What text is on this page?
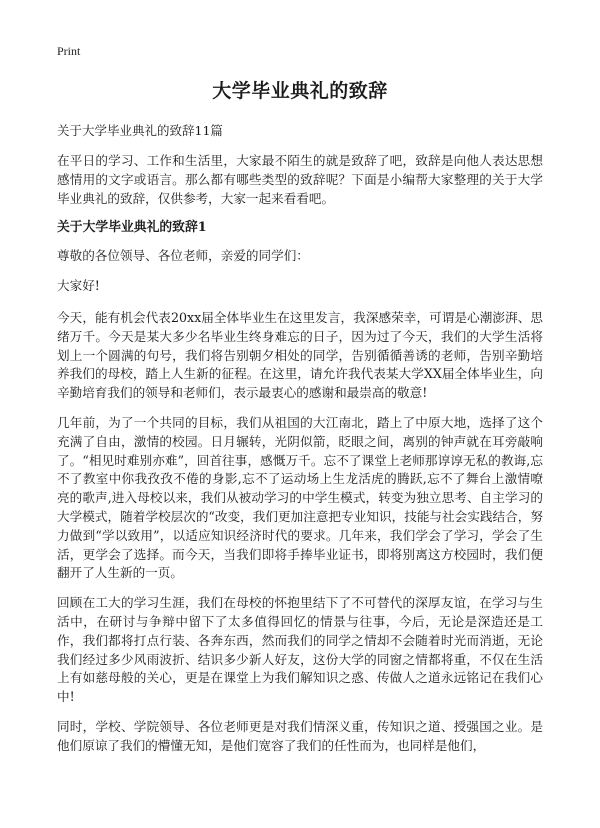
Print
大学毕业典礼的致辞
关于大学毕业典礼的致辞11篇

在平日的学习、工作和生活里，大家最不陌生的就是致辞了吧，致辞是向他人表达思想感情用的文字或语言。那么都有哪些类型的致辞呢？下面是小编帮大家整理的关于大学毕业典礼的致辞，仅供参考，大家一起来看看吧。

关于大学毕业典礼的致辞1

尊敬的各位领导、各位老师，亲爱的同学们：

大家好!

今天，能有机会代表20xx届全体毕业生在这里发言，我深感荣幸，可谓是心潮澎湃、思绪万千。今天是某大多少名毕业生终身难忘的日子，因为过了今天，我们的大学生活将划上一个圆满的句号，我们将告别朝夕相处的同学，告别循循善诱的老师，告别辛勤培养我们的母校，踏上人生新的征程。在这里，请允许我代表某大学XX届全体毕业生，向辛勤培育我们的领导和老师们，表示最衷心的感谢和最崇高的敬意!

几年前，为了一个共同的目标，我们从祖国的大江南北，踏上了中原大地，选择了这个充满了自由，激情的校园。日月辗转，光阴似箭，眨眼之间，离别的钟声就在耳旁敲响了。“相见时难别亦难”，回首往事，感慨万千。忘不了课堂上老师那谆谆无私的教诲,忘不了教室中你我孜孜不倦的身影,忘不了运动场上生龙活虎的腾跃,忘不了舞台上激情嘹亮的歌声,进入母校以来，我们从被动学习的中学生模式，转变为独立思考、自主学习的大学模式，随着学校层次的“改变，我们更加注意把专业知识，技能与社会实践结合，努力做到“学以致用”，以适应知识经济时代的要求。几年来，我们学会了学习，学会了生活，更学会了选择。而今天，当我们即将手捧毕业证书，即将别离这方校园时，我们便翻开了人生新的一页。

回顾在工大的学习生涯，我们在母校的怀抱里结下了不可替代的深厚友谊，在学习与生活中，在研讨与争辩中留下了太多值得回忆的情景与往事，今后，无论是深造还是工作，我们都将打点行装、各奔东西，然而我们的同学之情却不会随着时光而消逝，无论我们经过多少风雨波折、结识多少新人好友，这份大学的同窗之情都将重，不仅在生活上有如慈母般的关心，更是在课堂上为我们解知识之惑、传做人之道永远铭记在我们心中!

同时，学校、学院领导、各位老师更是对我们情深义重，传知识之道、授强国之业。是他们原谅了我们的懵懂无知，是他们宽容了我们的任性而为，也同样是他们，
